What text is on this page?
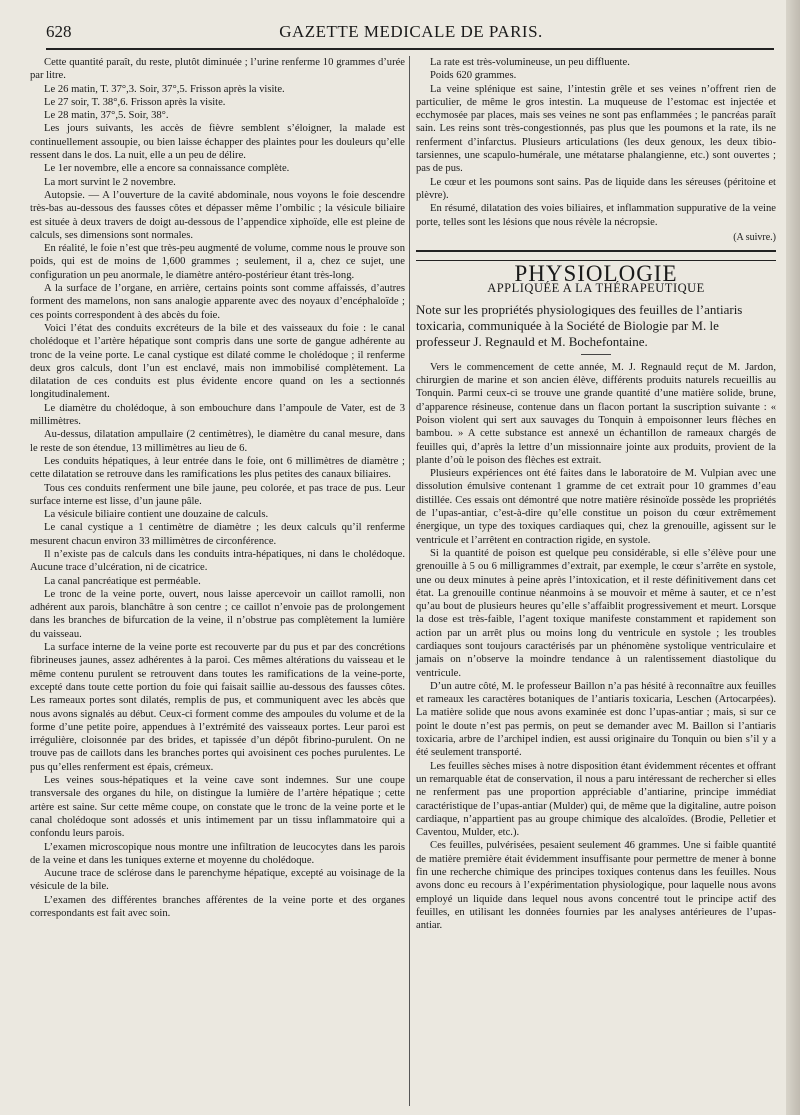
628	GAZETTE MEDICALE DE PARIS.

Cette quantité paraît, du reste, plutôt diminuée ; l’urine renferme 10 grammes d’urée par litre.

Le 26 matin, T. 37°,3. Soir, 37°,5. Frisson après la visite.

Le 27 soir, T. 38°,6. Frisson après la visite.

Le 28 matin, 37°,5. Soir, 38°.

Les jours suivants, les accès de fièvre semblent s’éloigner, la malade est continuellement assoupie, ou bien laisse échapper des plaintes pour les douleurs qu’elle ressent dans le dos. La nuit, elle a un peu de délire.

Le 1er novembre, elle a encore sa connaissance complète.

La mort survint le 2 novembre.

Autopsie. — A l’ouverture de la cavité abdominale, nous voyons le foie descendre très-bas au-dessous des fausses côtes et dépasser même l’ombilic ; la vésicule biliaire est située à deux travers de doigt au-dessous de l’appendice xiphoïde, elle est pleine de calculs, ses dimensions sont normales.

En réalité, le foie n’est que très-peu augmenté de volume, comme nous le prouve son poids, qui est de moins de 1,600 grammes ; seulement, il a, chez ce sujet, une configuration un peu anormale, le diamètre antéro-postérieur étant très-long.

A la surface de l’organe, en arrière, certains points sont comme affaissés, d’autres forment des mamelons, non sans analogie apparente avec des noyaux d’encéphaloïde ; ces points correspondent à des abcès du foie.

Voici l’état des conduits excréteurs de la bile et des vaisseaux du foie : le canal cholédoque et l’artère hépatique sont compris dans une sorte de gangue adhérente au tronc de la veine porte. Le canal cystique est dilaté comme le cholédoque ; il renferme deux gros calculs, dont l’un est enclavé, mais non immobilisé complètement. La dilatation de ces conduits est plus évidente encore quand on les a sectionnés longitudinalement.

Le diamètre du cholédoque, à son embouchure dans l’ampoule de Vater, est de 3 millimètres.

Au-dessus, dilatation ampullaire (2 centimètres), le diamètre du canal mesure, dans le reste de son étendue, 13 millimètres au lieu de 6.

Les conduits hépatiques, à leur entrée dans le foie, ont 6 millimètres de diamètre ; cette dilatation se retrouve dans les ramifications les plus petites des canaux biliaires.

Tous ces conduits renferment une bile jaune, peu colorée, et pas trace de pus. Leur surface interne est lisse, d’un jaune pâle.

La vésicule biliaire contient une douzaine de calculs.

Le canal cystique a 1 centimètre de diamètre ; les deux calculs qu’il renferme mesurent chacun environ 33 millimètres de circonférence.

Il n’existe pas de calculs dans les conduits intra-hépatiques, ni dans le cholédoque. Aucune trace d’ulcération, ni de cicatrice.

La canal pancréatique est perméable.

Le tronc de la veine porte, ouvert, nous laisse apercevoir un caillot ramolli, non adhérent aux parois, blanchâtre à son centre ; ce caillot n’envoie pas de prolongement dans les branches de bifurcation de la veine, il n’obstrue pas complètement la lumière du vaisseau.

La surface interne de la veine porte est recouverte par du pus et par des concrétions fibrineuses jaunes, assez adhérentes à la paroi. Ces mêmes altérations du vaisseau et le même contenu purulent se retrouvent dans toutes les ramifications de la veine-porte, excepté dans toute cette portion du foie qui faisait saillie au-dessous des fausses côtes. Les rameaux portes sont dilatés, remplis de pus, et communiquent avec les abcès que nous avons signalés au début. Ceux-ci forment comme des ampoules du volume et de la forme d’une petite poire, appendues à l’extrémité des vaisseaux portes. Leur paroi est irrégulière, cloisonnée par des brides, et tapissée d’un dépôt fibrino-purulent. On ne trouve pas de caillots dans les branches portes qui avoisinent ces poches purulentes. Le pus qu’elles renferment est épais, crémeux.

Les veines sous-hépatiques et la veine cave sont indemnes. Sur une coupe transversale des organes du hile, on distingue la lumière de l’artère hépatique ; cette artère est saine. Sur cette même coupe, on constate que le tronc de la veine porte et le canal cholédoque sont adossés et unis intimement par un tissu inflammatoire qui a confondu leurs parois.

L’examen microscopique nous montre une infiltration de leucocytes dans les parois de la veine et dans les tuniques externe et moyenne du cholédoque.

Aucune trace de sclérose dans le parenchyme hépatique, excepté au voisinage de la vésicule de la bile.

L’examen des différentes branches afférentes de la veine porte et des organes correspondants est fait avec soin.

La rate est très-volumineuse, un peu diffluente.

Poids 620 grammes.

La veine splénique est saine, l’intestin grêle et ses veines n’offrent rien de particulier, de même le gros intestin. La muqueuse de l’estomac est injectée et ecchymosée par places, mais ses veines ne sont pas enflammées ; le pancréas paraît sain. Les reins sont très-congestionnés, pas plus que les poumons et la rate, ils ne renferment d’infarctus. Plusieurs articulations (les deux genoux, les deux tibio-tarsiennes, une scapulo-humérale, une métatarse phalangienne, etc.) sont ouvertes ; pas de pus.

Le cœur et les poumons sont sains. Pas de liquide dans les séreuses (péritoine et plèvre).

En résumé, dilatation des voies biliaires, et inflammation suppurative de la veine porte, telles sont les lésions que nous révèle la nécropsie.

(A suivre.)
PHYSIOLOGIE
APPLIQUÉE A LA THÉRAPEUTIQUE

Note sur les propriétés physiologiques des feuilles de l’antiaris toxicaria, communiquée à la Société de Biologie par M. le professeur J. Regnauld et M. Bochefontaine.

Vers le commencement de cette année, M. J. Regnauld reçut de M. Jardon, chirurgien de marine et son ancien élève, différents produits naturels recueillis au Tonquin. Parmi ceux-ci se trouve une grande quantité d’une matière solide, brune, d’apparence résineuse, contenue dans un flacon portant la suscription suivante : « Poison violent qui sert aux sauvages du Tonquin à empoisonner leurs flèches en bambou. » A cette substance est annexé un échantillon de rameaux chargés de feuilles qui, d’après la lettre d’un missionnaire jointe aux produits, provient de la plante d’où le poison des flèches est extrait.

Plusieurs expériences ont été faites dans le laboratoire de M. Vulpian avec une dissolution émulsive contenant 1 gramme de cet extrait pour 10 grammes d’eau distillée. Ces essais ont démontré que notre matière résinoïde possède les propriétés de l’upas-antiar, c’est-à-dire qu’elle constitue un poison du cœur extrêmement énergique, un type des toxiques cardiaques qui, chez la grenouille, agissent sur le ventricule et l’arrêtent en contraction rigide, en systole.

Si la quantité de poison est quelque peu considérable, si elle s’élève pour une grenouille à 5 ou 6 milligrammes d’extrait, par exemple, le cœur s’arrête en systole, une ou deux minutes à peine après l’intoxication, et il reste définitivement dans cet état. La grenouille continue néanmoins à se mouvoir et même à sauter, et ce n’est qu’au bout de plusieurs heures qu’elle s’affaiblit progressivement et meurt. Lorsque la dose est très-faible, l’agent toxique manifeste constamment et rapidement son action par un arrêt plus ou moins long du ventricule en systole ; les troubles cardiaques sont toujours caractérisés par un phénomène systolique ventriculaire et jamais on n’observe la moindre tendance à un ralentissement diastolique du ventricule.

D’un autre côté, M. le professeur Baillon n’a pas hésité à reconnaître aux feuilles et rameaux les caractères botaniques de l’antiaris toxicaria, Leschen (Artocarpées). La matière solide que nous avons examinée est donc l’upas-antiar ; mais, si sur ce point le doute n’est pas permis, on peut se demander avec M. Baillon si l’antiaris toxicaria, arbre de l’archipel indien, est aussi originaire du Tonquin ou bien s’il y a été seulement transporté.

Les feuilles sèches mises à notre disposition étant évidemment récentes et offrant un remarquable état de conservation, il nous a paru intéressant de rechercher si elles ne renferment pas une proportion appréciable d’antiarine, principe immédiat caractéristique de l’upas-antiar (Mulder) qui, de même que la digitaline, autre poison cardiaque, n’appartient pas au groupe chimique des alcaloïdes. (Brodie, Pelletier et Caventou, Mulder, etc.).

Ces feuilles, pulvérisées, pesaient seulement 46 grammes. Une si faible quantité de matière première était évidemment insuffisante pour permettre de mener à bonne fin une recherche chimique des principes toxiques contenus dans les feuilles. Nous avons donc eu recours à l’expérimentation physiologique, pour laquelle nous avons employé un liquide dans lequel nous avons concentré tout le principe actif des feuilles, en utilisant les données fournies par les analyses antérieures de l’upas-antiar.
